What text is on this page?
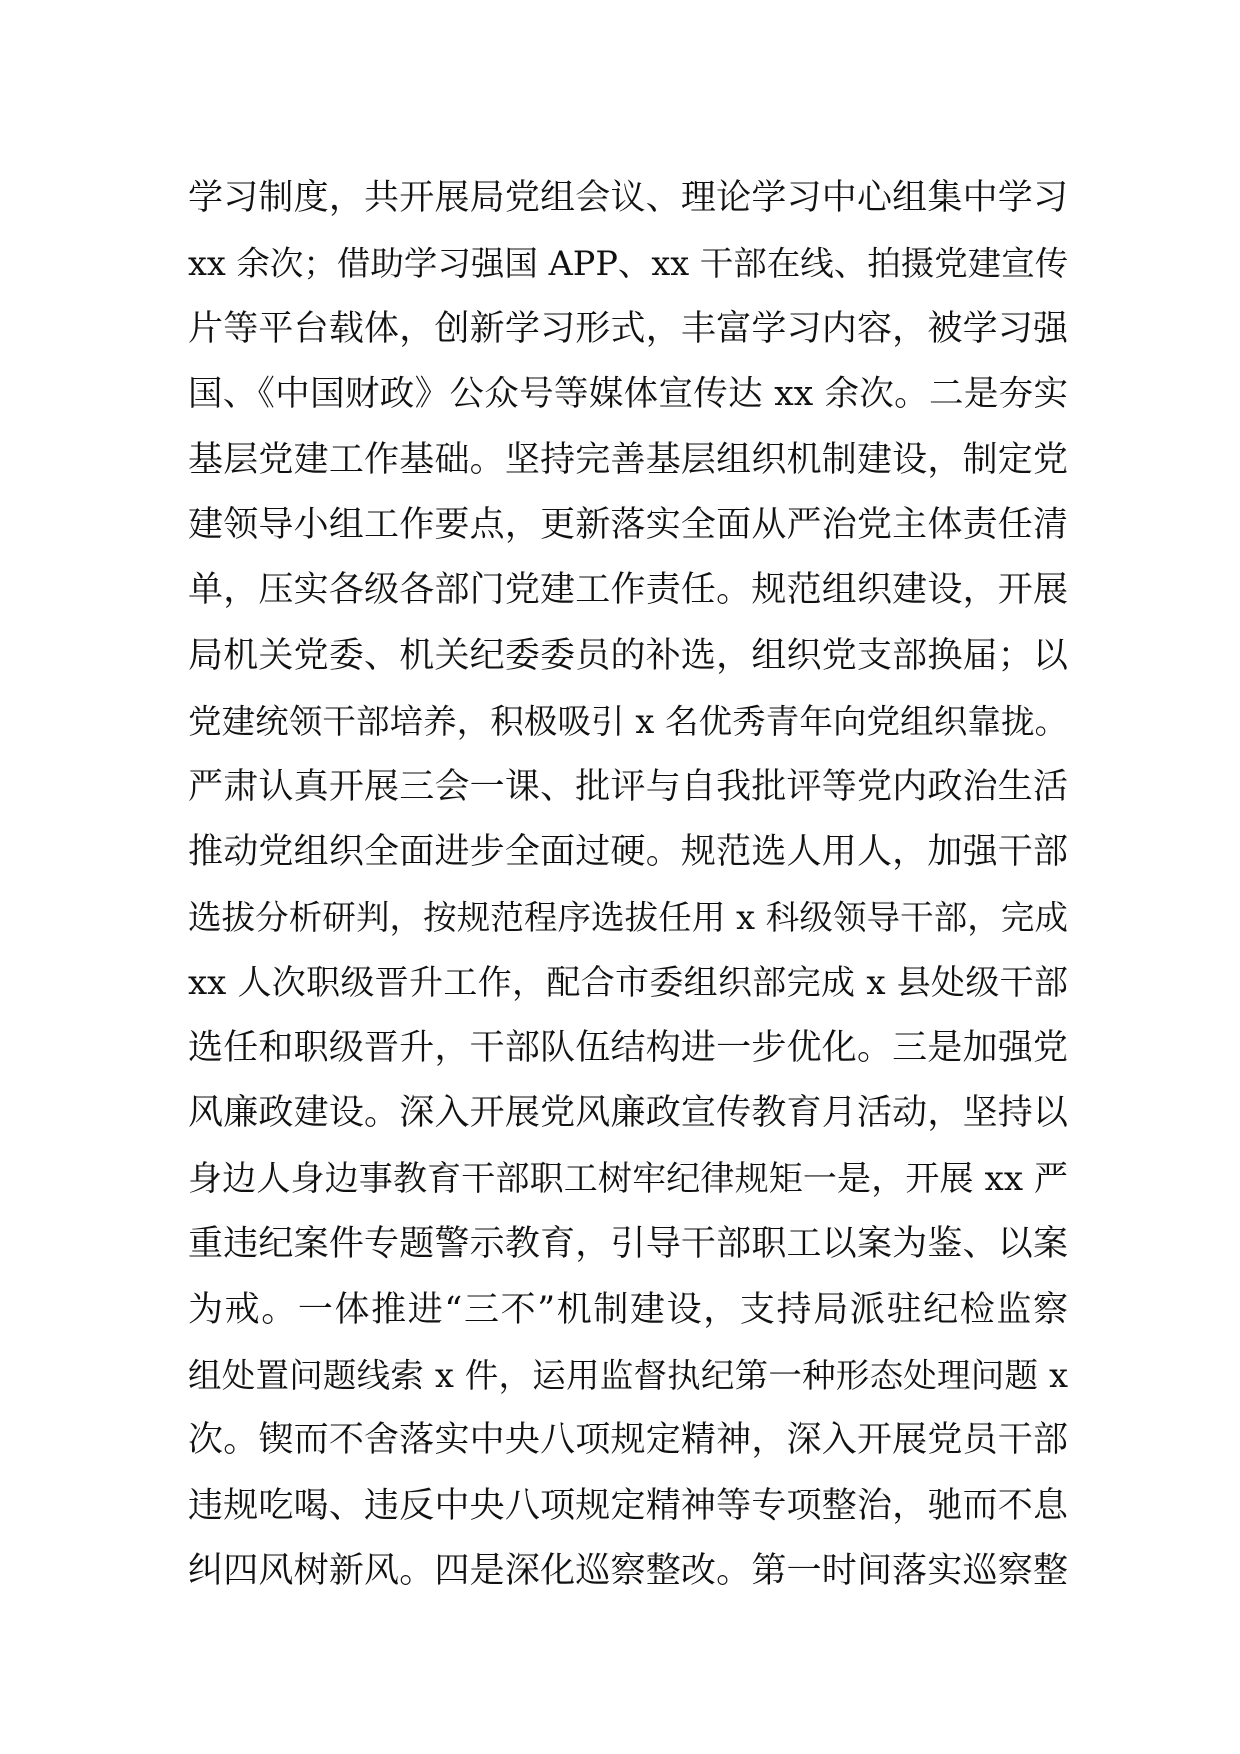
学习制度，共开展局党组会议、理论学习中心组集中学习
xx 余次；借助学习强国 APP、xx 干部在线、拍摄党建宣传
片等平台载体，创新学习形式，丰富学习内容，被学习强
国、《中国财政》公众号等媒体宣传达 xx 余次。二是夯实
基层党建工作基础。坚持完善基层组织机制建设，制定党
建领导小组工作要点，更新落实全面从严治党主体责任清
单，压实各级各部门党建工作责任。规范组织建设，开展
局机关党委、机关纪委委员的补选，组织党支部换届；以
党建统领干部培养，积极吸引 x 名优秀青年向党组织靠拢。
严肃认真开展三会一课、批评与自我批评等党内政治生活
推动党组织全面进步全面过硬。规范选人用人，加强干部
选拔分析研判，按规范程序选拔任用 x 科级领导干部，完成
xx 人次职级晋升工作，配合市委组织部完成 x 县处级干部
选任和职级晋升，干部队伍结构进一步优化。三是加强党
风廉政建设。深入开展党风廉政宣传教育月活动，坚持以
身边人身边事教育干部职工树牢纪律规矩一是，开展 xx 严
重违纪案件专题警示教育，引导干部职工以案为鉴、以案
为戒。一体推进“三不”机制建设，支持局派驻纪检监察
组处置问题线索 x 件，运用监督执纪第一种形态处理问题 x
次。锲而不舍落实中央八项规定精神，深入开展党员干部
违规吃喝、违反中央八项规定精神等专项整治，驰而不息
纠四风树新风。四是深化巡察整改。第一时间落实巡察整
